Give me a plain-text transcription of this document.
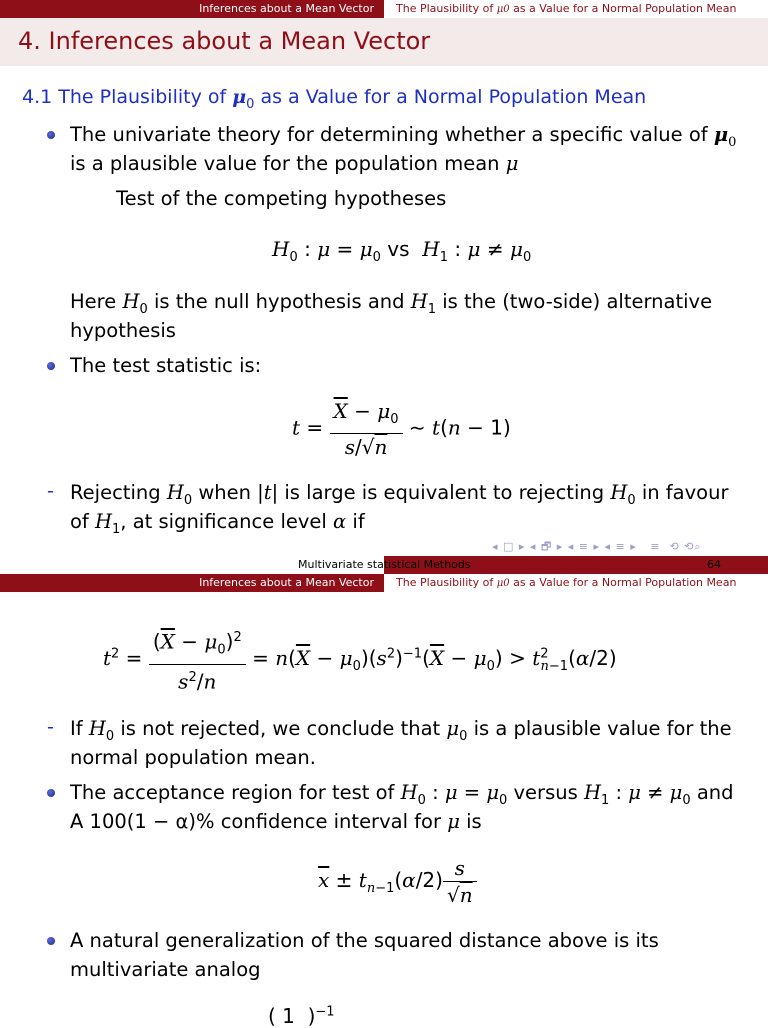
Inferences about a Mean Vector	The Plausibility of μ0 as a Value for a Normal Population Mean
4. Inferences about a Mean Vector
4.1 The Plausibility of $\mu_0$ as a Value for a Normal Population Mean
The univariate theory for determining whether a specific value of $\mu_0$
is a plausible value for the population mean μ
Test of the competing hypotheses
$H_0$ : $\mu = \mu_0$ vs  $H_1$ : $\mu \ne \mu_0$
Here $H_0$ is the null hypothesis and $H_1$ is the (two-side) alternative
hypothesis
The test statistic is:
$t = \frac{\overline{X} - \mu_0}{s/√n}$ ∼ t(n − 1)
- Rejecting $H_0$ when |t| is large is equivalent to rejecting $H_0$ in favour
of $H_1$, at significance level α if
◂ □ ▸ ◂ 🗗 ▸ ◂ ≡ ▸ ◂ ≡ ▸   ≡  ⟲ ⟲⌕
Multivariate statistical Methods	64
Inferences about a Mean Vector	The Plausibility of μ0 as a Value for a Normal Population Mean
$t^2 = \frac{(\overline{X} - \mu_0)^2}{s^2/n} = n(\overline{X} - \mu_0)(s^2)^{-1}(\overline{X} - \mu_0) > t^2_{n-1}(\alpha/2)$
- If $H_0$ is not rejected, we conclude that $\mu_0$ is a plausible value for the
normal population mean.
The acceptance region for test of $H_0$ : $\mu = \mu_0$ versus $H_1$ : $\mu \ne \mu_0$ and
A 100(1 − α)% confidence interval for μ is
$\overline{x} \pm t_{n-1}(\alpha/2) \frac{s}{√n}$
A natural generalization of the squared distance above is its
multivariate analog
( 1  )$^{-1}$
